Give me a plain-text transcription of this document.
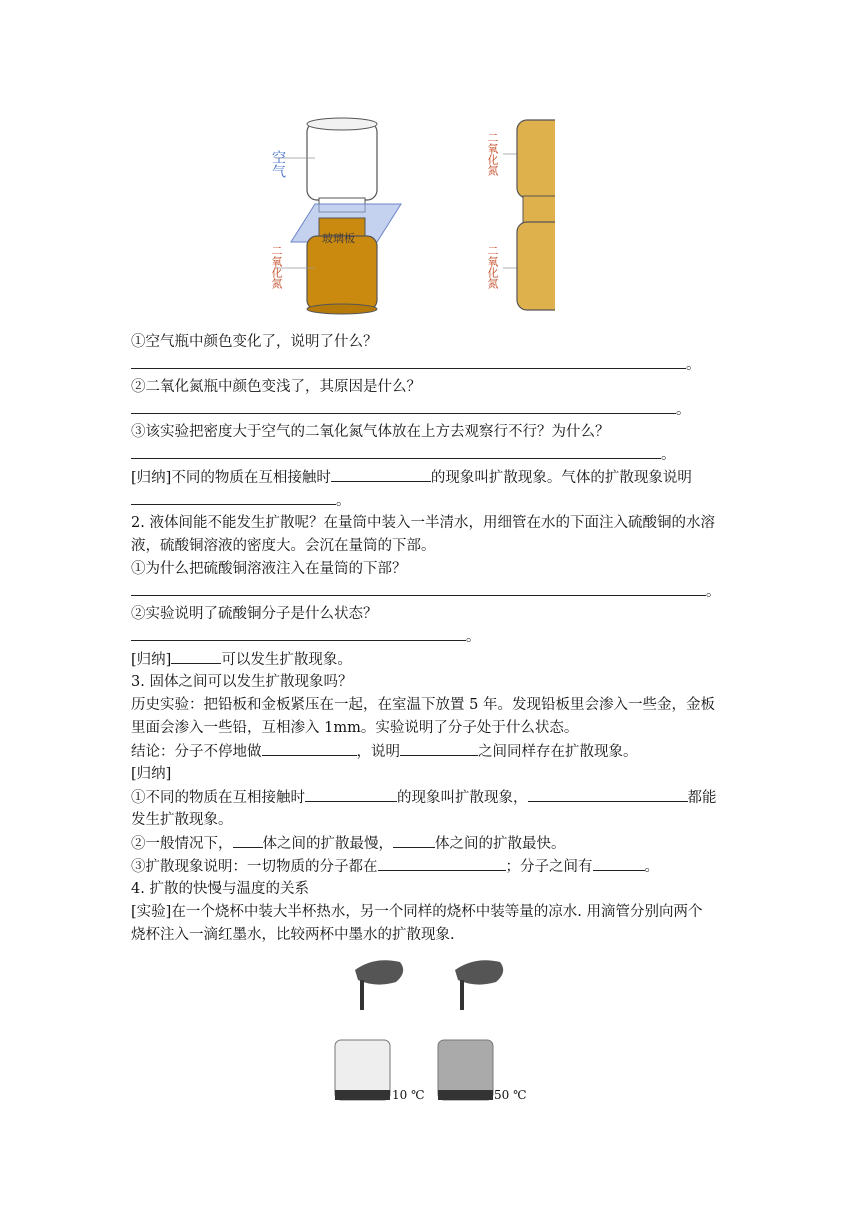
空气
二氧化氮
玻璃板
二氧化氮
二氧化氮
①空气瓶中颜色变化了，说明了什么？
。
②二氧化氮瓶中颜色变浅了，其原因是什么？
。
③该实验把密度大于空气的二氧化氮气体放在上方去观察行不行？为什么？
。
[归纳]不同的物质在互相接触时	的现象叫扩散现象。气体的扩散现象说明
。
2. 液体间能不能发生扩散呢？在量筒中装入一半清水，用细管在水的下面注入硫酸铜的水溶
液，硫酸铜溶液的密度大。会沉在量筒的下部。
①为什么把硫酸铜溶液注入在量筒的下部？
。
②实验说明了硫酸铜分子是什么状态？
。
[归纳]	可以发生扩散现象。
3. 固体之间可以发生扩散现象吗？
历史实验：把铅板和金板紧压在一起，在室温下放置 5 年。发现铅板里会渗入一些金，金板
里面会渗入一些铅，互相渗入 1mm。实验说明了分子处于什么状态。
结论：分子不停地做	，说明	之间同样存在扩散现象。
[归纳]
①不同的物质在互相接触时	的现象叫扩散现象，	都能
发生扩散现象。
②一般情况下， 体之间的扩散最慢，	体之间的扩散最快。
③扩散现象说明：一切物质的分子都在	；分子之间有	。
4. 扩散的快慢与温度的关系
[实验]在一个烧杯中装大半杯热水，另一个同样的烧杯中装等量的凉水. 用滴管分别向两个
烧杯注入一滴红墨水，比较两杯中墨水的扩散现象.
10 ℃	50 ℃
